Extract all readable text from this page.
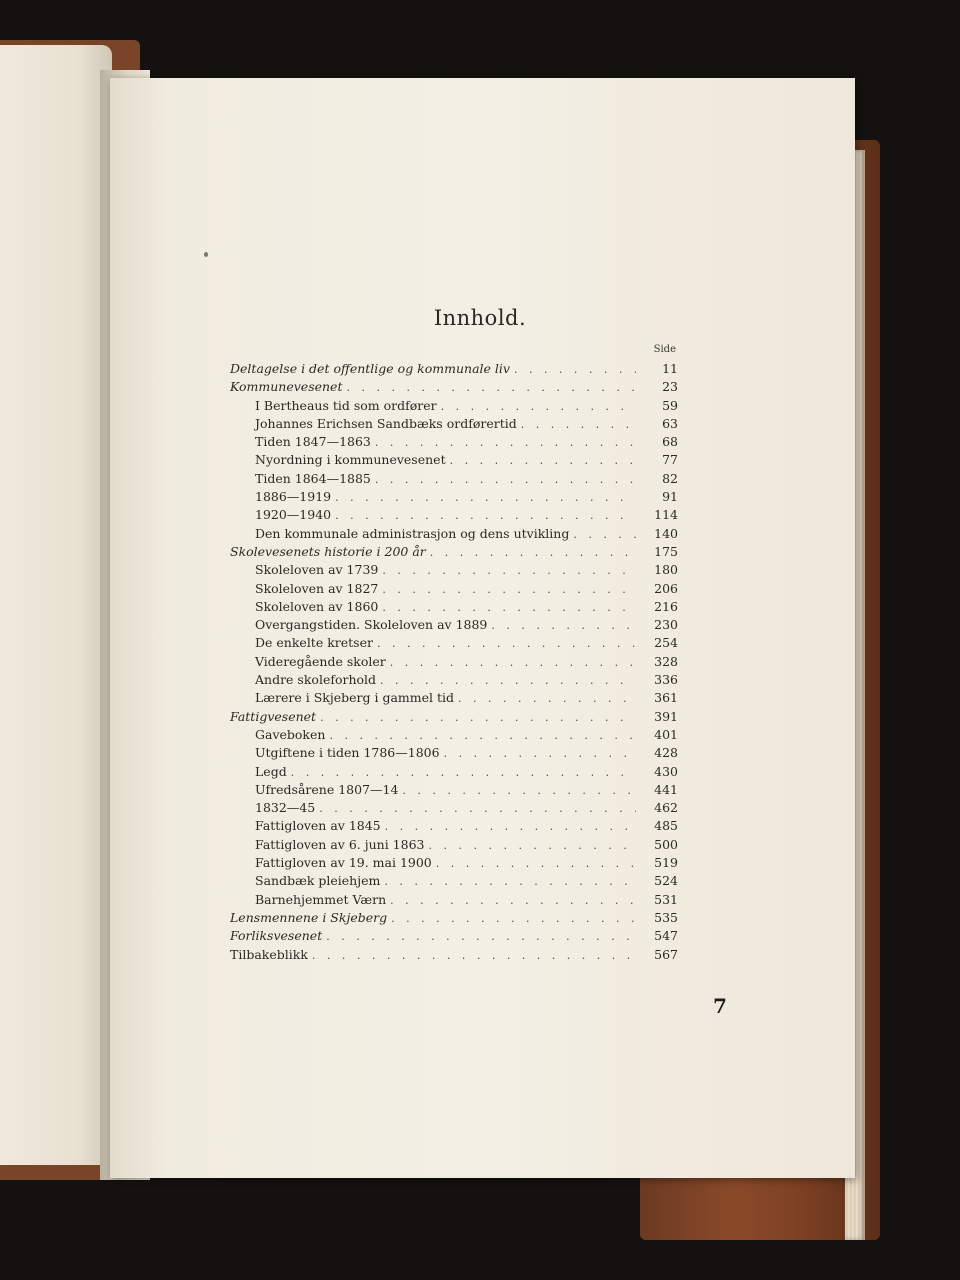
Innhold.
Side
Deltagelse i det offentlige og kommunale liv . . .	11
Kommunevesenet . . .	23
I Bertheaus tid som ordfører . . .	59
Johannes Erichsen Sandbæks ordførertid . . .	63
Tiden 1847—1863 . . .	68
Nyordning i kommunevesenet . . .	77
Tiden 1864—1885 . . .	82
1886—1919 . . .	91
1920—1940 . . .	114
Den kommunale administrasjon og dens utvikling . . .	140
Skolevesenets historie i 200 år . . .	175
Skoleloven av 1739 . . .	180
Skoleloven av 1827 . . .	206
Skoleloven av 1860 . . .	216
Overgangstiden. Skoleloven av 1889 . . .	230
De enkelte kretser . . .	254
Videregående skoler . . .	328
Andre skoleforhold . . .	336
Lærere i Skjeberg i gammel tid . . .	361
Fattigvesenet . . .	391
Gaveboken . . .	401
Utgiftene i tiden 1786—1806 . . .	428
Legd . . .	430
Ufredsårene 1807—14 . . .	441
1832—45 . . .	462
Fattigloven av 1845 . . .	485
Fattigloven av 6. juni 1863 . . .	500
Fattigloven av 19. mai 1900 . . .	519
Sandbæk pleiehjem . . .	524
Barnehjemmet Værn . . .	531
Lensmennene i Skjeberg . . .	535
Forliksvesenet . . .	547
Tilbakeblikk . . .	567
7
